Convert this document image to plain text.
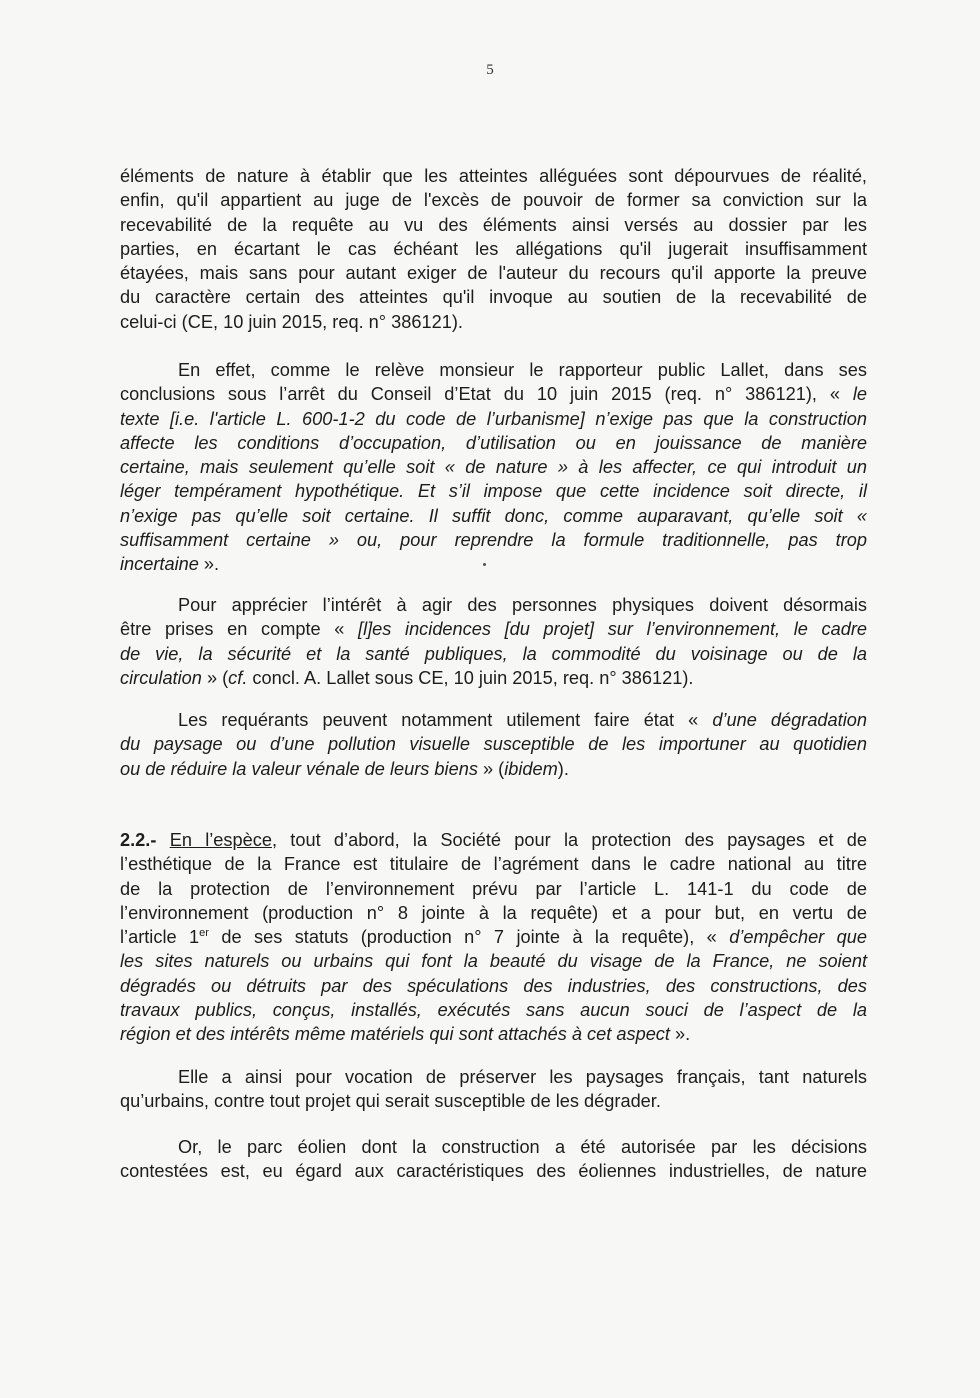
5
éléments de nature à établir que les atteintes alléguées sont dépourvues de réalité,
enfin, qu'il appartient au juge de l'excès de pouvoir de former sa conviction sur la
recevabilité de la requête au vu des éléments ainsi versés au dossier par les
parties, en écartant le cas échéant les allégations qu'il jugerait insuffisamment
étayées, mais sans pour autant exiger de l'auteur du recours qu'il apporte la preuve
du caractère certain des atteintes qu'il invoque au soutien de la recevabilité de
celui-ci (CE, 10 juin 2015, req. n° 386121).
En effet, comme le relève monsieur le rapporteur public Lallet, dans ses
conclusions sous l’arrêt du Conseil d’Etat du 10 juin 2015 (req. n° 386121), « le
texte [i.e. l'article L. 600-1-2 du code de l’urbanisme] n’exige pas que la construction
affecte les conditions d’occupation, d’utilisation ou en jouissance de manière
certaine, mais seulement qu’elle soit « de nature » à les affecter, ce qui introduit un
léger tempérament hypothétique. Et s’il impose que cette incidence soit directe, il
n’exige pas qu’elle soit certaine. Il suffit donc, comme auparavant, qu’elle soit «
suffisamment certaine » ou, pour reprendre la formule traditionnelle, pas trop
incertaine ».
Pour apprécier l’intérêt à agir des personnes physiques doivent désormais
être prises en compte « [l]es incidences [du projet] sur l’environnement, le cadre
de vie, la sécurité et la santé publiques, la commodité du voisinage ou de la
circulation » (cf. concl. A. Lallet sous CE, 10 juin 2015, req. n° 386121).
Les requérants peuvent notamment utilement faire état « d’une dégradation
du paysage ou d’une pollution visuelle susceptible de les importuner au quotidien
ou de réduire la valeur vénale de leurs biens » (ibidem).
2.2.- En l’espèce, tout d’abord, la Société pour la protection des paysages et de
l’esthétique de la France est titulaire de l’agrément dans le cadre national au titre
de la protection de l’environnement prévu par l’article L. 141-1 du code de
l’environnement (production n° 8 jointe à la requête) et a pour but, en vertu de
l’article 1er de ses statuts (production n° 7 jointe à la requête), « d’empêcher que
les sites naturels ou urbains qui font la beauté du visage de la France, ne soient
dégradés ou détruits par des spéculations des industries, des constructions, des
travaux publics, conçus, installés, exécutés sans aucun souci de l’aspect de la
région et des intérêts même matériels qui sont attachés à cet aspect ».
Elle a ainsi pour vocation de préserver les paysages français, tant naturels
qu’urbains, contre tout projet qui serait susceptible de les dégrader.
Or, le parc éolien dont la construction a été autorisée par les décisions
contestées est, eu égard aux caractéristiques des éoliennes industrielles, de nature
